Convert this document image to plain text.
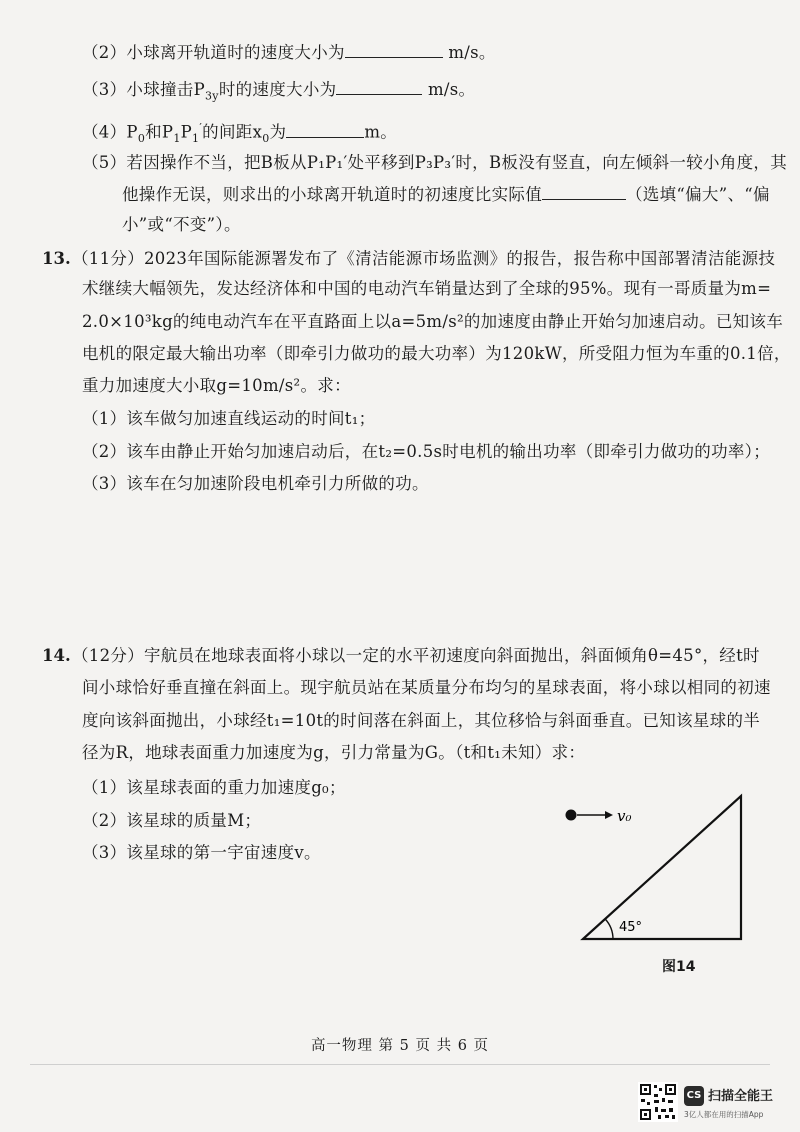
（2）小球离开轨道时的速度大小为	m/s。
（3）小球撞击$P_{3y}$时的速度大小为	m/s。
$(4)P_0$和$P_1P_1'$的间距$x_0$为	m。
（5）若因操作不当，把B板从P₁P₁′处平移到P₃P₃′时，B板没有竖直，向左倾斜一较小角度，其
他操作无误，则求出的小球离开轨道时的初速度比实际值	（选填“偏大”、“偏
小”或“不变”）。
13. （11分）2023年国际能源署发布了《清洁能源市场监测》的报告，报告称中国部署清洁能源技
术继续大幅领先，发达经济体和中国的电动汽车销量达到了全球的95%。现有一哥质量为m=
2.0×10³kg的纯电动汽车在平直路面上以a=5m/s²的加速度由静止开始匀加速启动。已知该车
电机的限定最大输出功率（即牵引力做功的最大功率）为120kW，所受阻力恒为车重的0.1倍，
重力加速度大小取g=10m/s²。求：
（1）该车做匀加速直线运动的时间t₁；
（2）该车由静止开始匀加速启动后，在t₂=0.5s时电机的输出功率（即牵引力做功的功率）；
（3）该车在匀加速阶段电机牵引力所做的功。
14. （12分）宇航员在地球表面将小球以一定的水平初速度向斜面抛出，斜面倾角θ=45°，经t时
间小球恰好垂直撞在斜面上。现宇航员站在某质量分布均匀的星球表面，将小球以相同的初速
度向该斜面抛出，小球经t₁=10t的时间落在斜面上，其位移恰与斜面垂直。已知该星球的半
径为R，地球表面重力加速度为g，引力常量为G。（t和t₁未知）求：
（1）该星球表面的重力加速度g₀；
（2）该星球的质量M；
（3）该星球的第一宇宙速度v。
v₀
45°
图14
高一物理 第 5 页 共 6 页
CS 扫描全能王
3亿人都在用的扫描App
